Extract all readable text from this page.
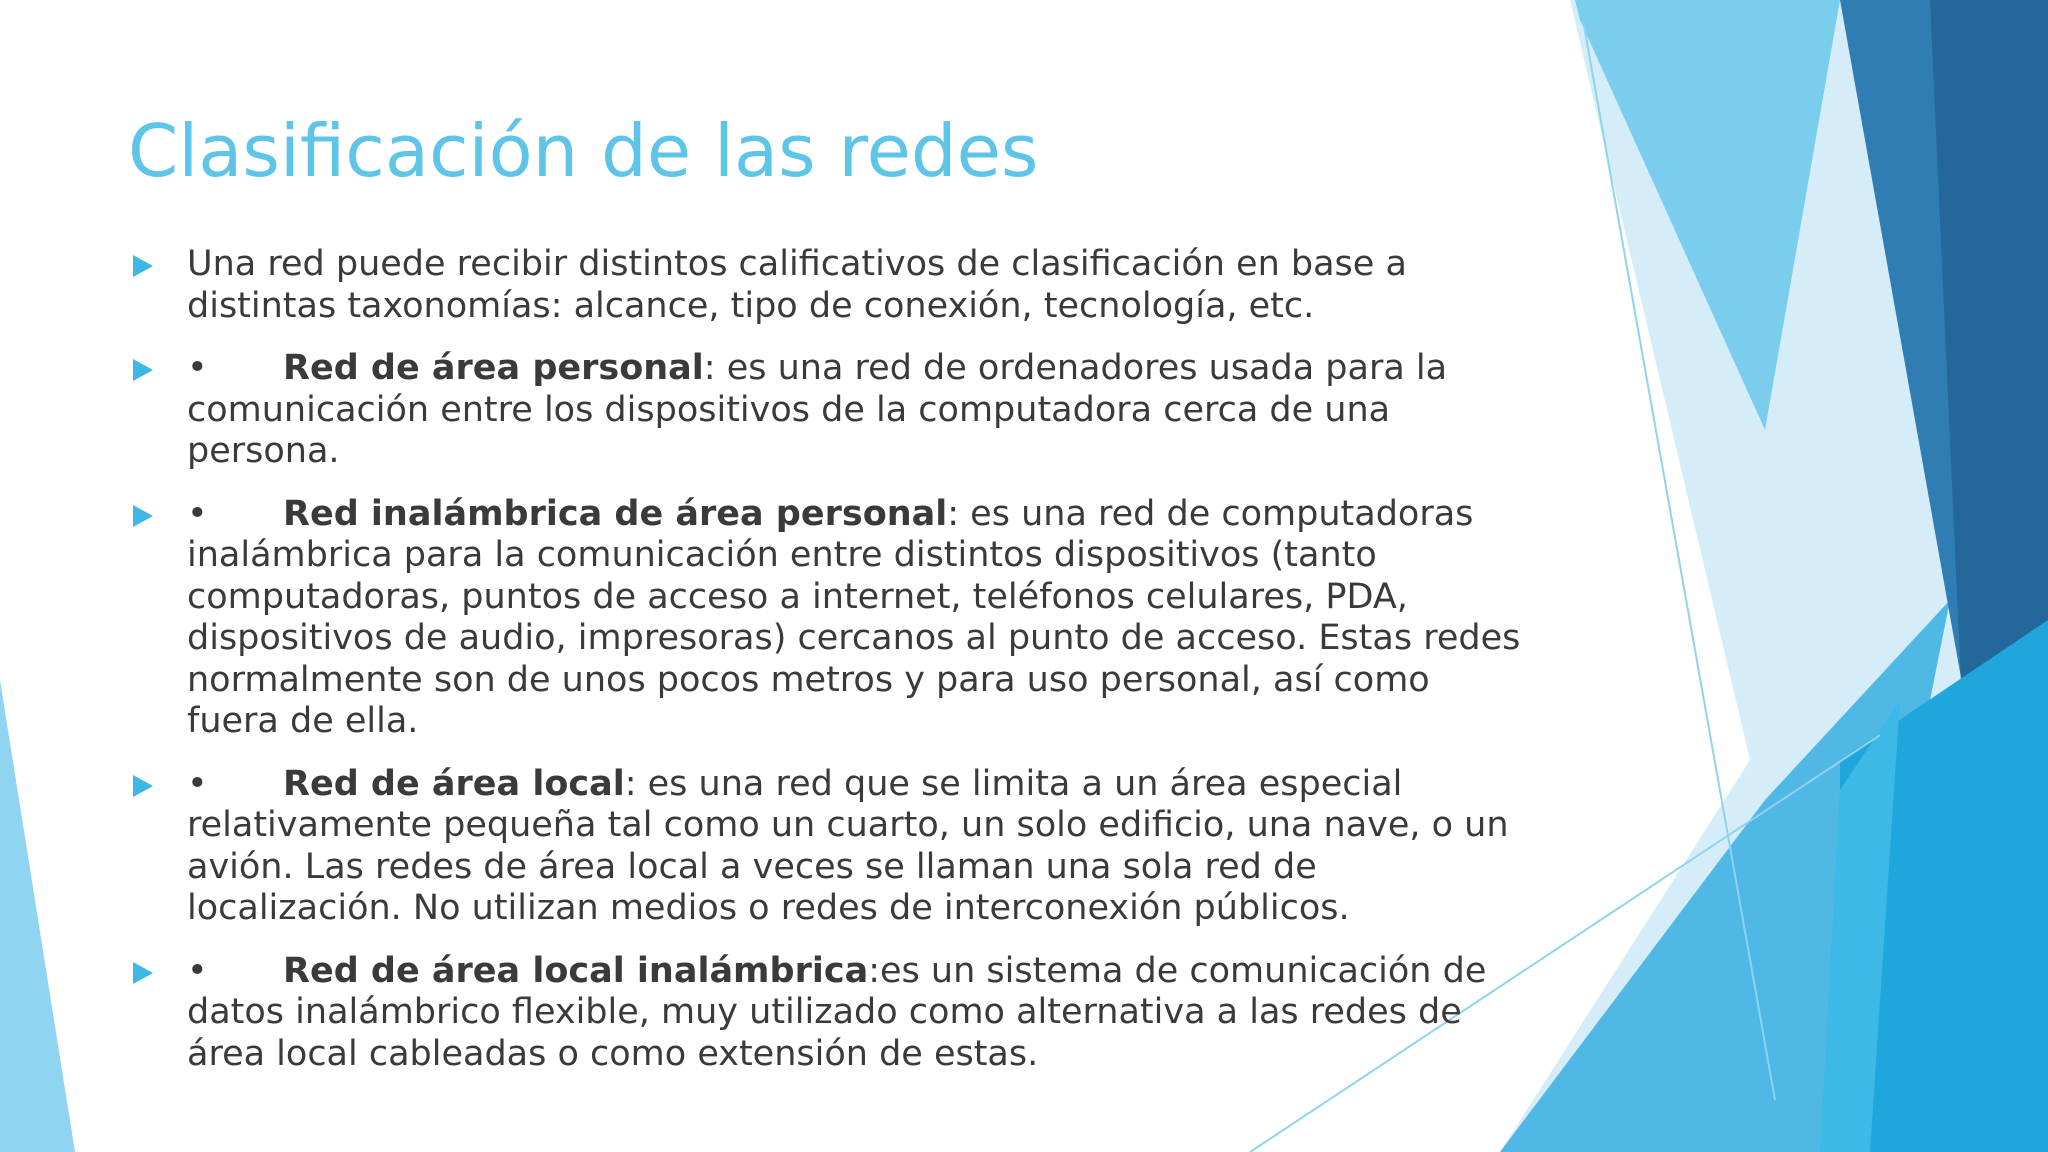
Clasificación de las redes
Una red puede recibir distintos calificativos de clasificación en base a distintas taxonomías: alcance, tipo de conexión, tecnología, etc.
• Red de área personal: es una red de ordenadores usada para la comunicación entre los dispositivos de la computadora cerca de una persona.
• Red inalámbrica de área personal: es una red de computadoras inalámbrica para la comunicación entre distintos dispositivos (tanto computadoras, puntos de acceso a internet, teléfonos celulares, PDA, dispositivos de audio, impresoras) cercanos al punto de acceso. Estas redes normalmente son de unos pocos metros y para uso personal, así como fuera de ella.
• Red de área local: es una red que se limita a un área especial relativamente pequeña tal como un cuarto, un solo edificio, una nave, o un avión. Las redes de área local a veces se llaman una sola red de localización. No utilizan medios o redes de interconexión públicos.
• Red de área local inalámbrica:es un sistema de comunicación de datos inalámbrico flexible, muy utilizado como alternativa a las redes de área local cableadas o como extensión de estas.
